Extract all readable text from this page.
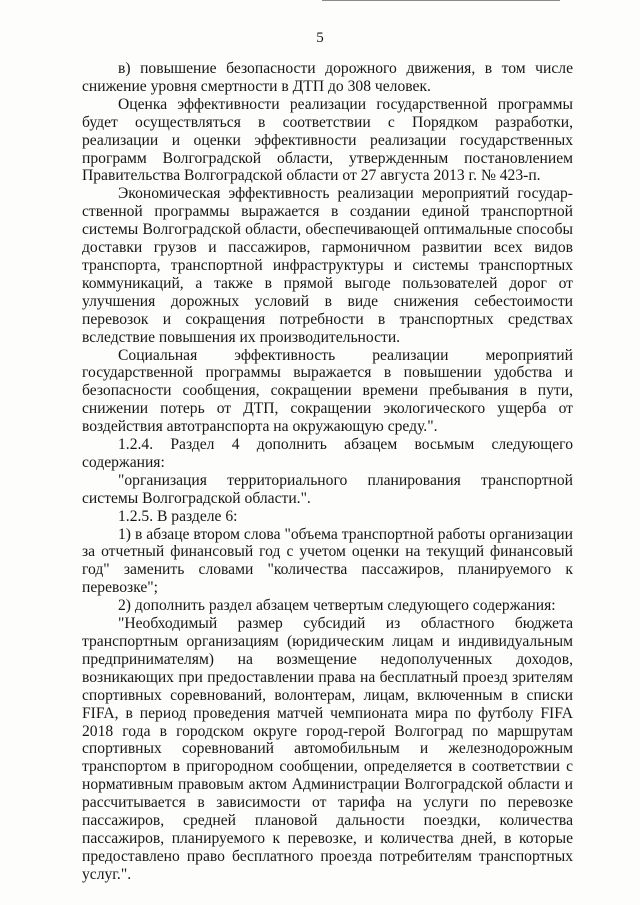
5

в) повышение безопасности дорожного движения, в том числе снижение уровня смертности в ДТП до 308 человек.

Оценка эффективности реализации государственной программы будет осуществляться в соответствии с Порядком разработки, реализации и оценки эффективности реализации государственных программ Волгоградской области, утвержденным постановлением Правительства Волгоградской области от 27 августа 2013 г. № 423-п.

Экономическая эффективность реализации мероприятий государ-ственной программы выражается в создании единой транспортной системы Волгоградской области, обеспечивающей оптимальные способы доставки грузов и пассажиров, гармоничном развитии всех видов транспорта, транспортной инфраструктуры и системы транспортных коммуникаций, а также в прямой выгоде пользователей дорог от улучшения дорожных условий в виде снижения себестоимости перевозок и сокращения потребности в транспортных средствах вследствие повышения их производительности.

Социальная эффективность реализации мероприятий государственной программы выражается в повышении удобства и безопасности сообщения, сокращении времени пребывания в пути, снижении потерь от ДТП, сокращении экологического ущерба от воздействия автотранспорта на окружающую среду.".

1.2.4. Раздел 4 дополнить абзацем восьмым следующего содержания:

"организация территориального планирования транспортной системы Волгоградской области.".

1.2.5. В разделе 6:

1) в абзаце втором слова "объема транспортной работы организации за отчетный финансовый год с учетом оценки на текущий финансовый год" заменить словами "количества пассажиров, планируемого к перевозке";

2) дополнить раздел абзацем четвертым следующего содержания:

"Необходимый размер субсидий из областного бюджета транспортным организациям (юридическим лицам и индивидуальным предпринимателям) на возмещение недополученных доходов, возникающих при предоставлении права на бесплатный проезд зрителям спортивных соревнований, волонтерам, лицам, включенным в списки FIFA, в период проведения матчей чемпионата мира по футболу FIFA 2018 года в городском округе город-герой Волгоград по маршрутам спортивных соревнований автомобильным и железнодорожным транспортом в пригородном сообщении, определяется в соответствии с нормативным правовым актом Администрации Волгоградской области и рассчитывается в зависимости от тарифа на услуги по перевозке пассажиров, средней плановой дальности поездки, количества пассажиров, планируемого к перевозке, и количества дней, в которые предоставлено право бесплатного проезда потребителям транспортных услуг.".
